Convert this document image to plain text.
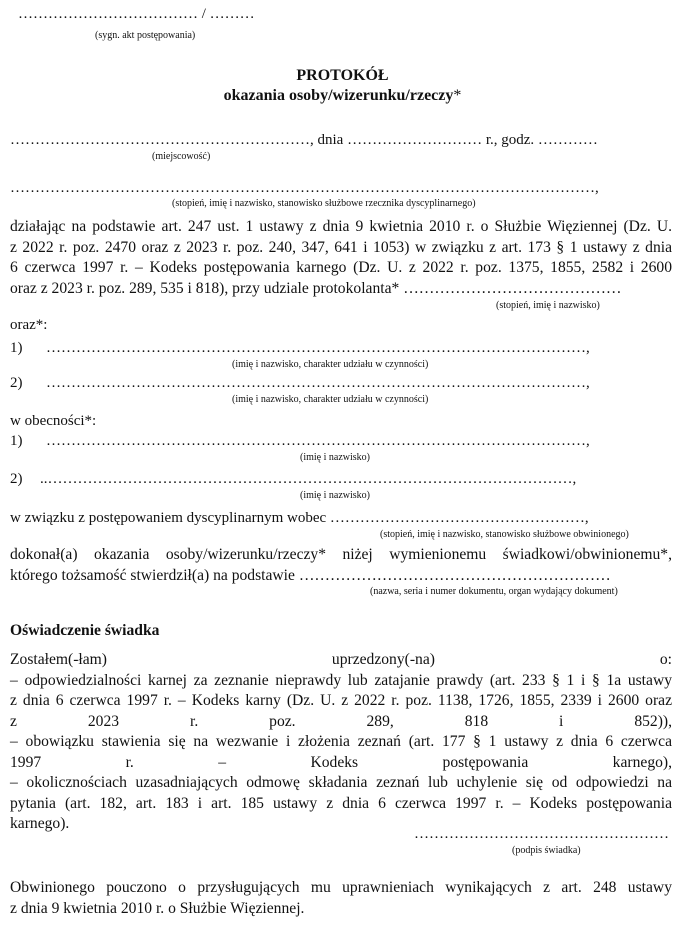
……………………………… / ………
(sygn. akt postępowania)
PROTOKÓŁ
okazania osoby/wizerunku/rzeczy*
……………………………………………………, dnia ……………………… r., godz. …………
(miejscowość)
………………………………………………………………………………………………………,
(stopień, imię i nazwisko, stanowisko służbowe rzecznika dyscyplinarnego)
działając na podstawie art. 247 ust. 1 ustawy z dnia 9 kwietnia 2010 r. o Służbie Więziennej (Dz. U.
z 2022 r. poz. 2470 oraz z 2023 r. poz. 240, 347, 641 i 1053) w związku z art. 173 § 1 ustawy z dnia
6 czerwca 1997 r. – Kodeks postępowania karnego (Dz. U. z 2022 r. poz. 1375, 1855, 2582 i 2600
oraz z 2023 r. poz. 289, 535 i 818), przy udziale protokolanta* ……………………………………
(stopień, imię i nazwisko)
oraz*:
1) ………………………………………………………………………………………………,
(imię i nazwisko, charakter udziału w czynności)
2) ………………………………………………………………………………………………,
(imię i nazwisko, charakter udziału w czynności)
w obecności*:
1) ………………………………………………………………………………………………,
(imię i nazwisko)
2) ..……………………………………………………………………………………………,
(imię i nazwisko)
w związku z postępowaniem dyscyplinarnym wobec ……………………………………………,
(stopień, imię i nazwisko, stanowisko służbowe obwinionego)
dokonał(a) okazania osoby/wizerunku/rzeczy* niżej wymienionemu świadkowi/obwinionemu*,
którego tożsamość stwierdził(a) na podstawie ……………………………………………………
(nazwa, seria i numer dokumentu, organ wydający dokument)
Oświadczenie świadka
Zostałem(-łam) uprzedzony(-na) o:
– odpowiedzialności karnej za zeznanie nieprawdy lub zatajanie prawdy (art. 233 § 1 i § 1a ustawy
z dnia 6 czerwca 1997 r. – Kodeks karny (Dz. U. z 2022 r. poz. 1138, 1726, 1855, 2339 i 2600 oraz
z 2023 r. poz. 289, 818 i 852)),
– obowiązku stawienia się na wezwanie i złożenia zeznań (art. 177 § 1 ustawy z dnia 6 czerwca
1997 r. – Kodeks postępowania karnego),
– okolicznościach uzasadniających odmowę składania zeznań lub uchylenie się od odpowiedzi na
pytania (art. 182, art. 183 i art. 185 ustawy z dnia 6 czerwca 1997 r. – Kodeks postępowania
karnego).
……………………………………………
(podpis świadka)
Obwinionego pouczono o przysługujących mu uprawnieniach wynikających z art. 248 ustawy
z dnia 9 kwietnia 2010 r. o Służbie Więziennej.
